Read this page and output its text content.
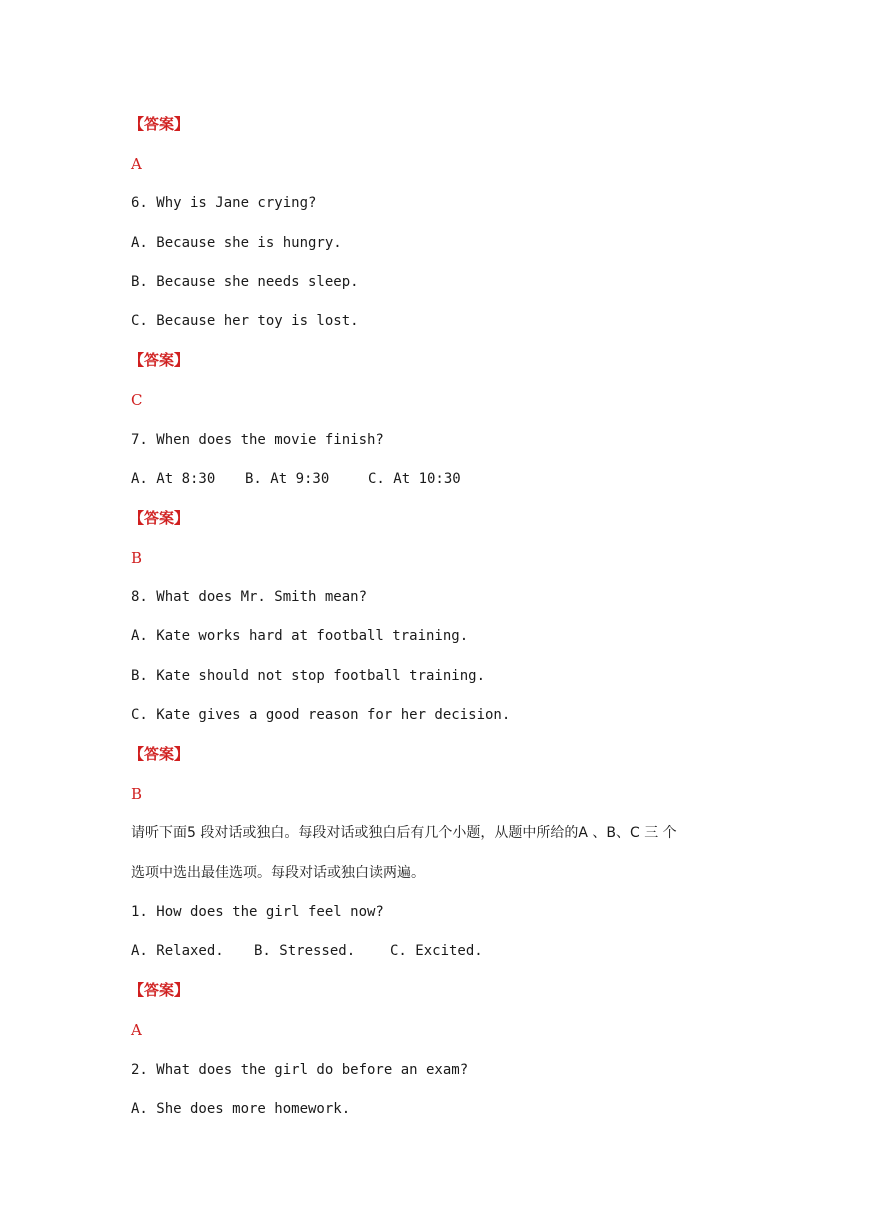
【答案】
A
6. Why is Jane crying?
A. Because she is hungry.
B. Because she needs sleep.
C. Because her toy is lost.
【答案】
C
7. When does the movie finish?
A. At 8:30	B. At 9:30	C. At 10:30
【答案】
B
8. What does Mr. Smith mean?
A. Kate works hard at football training.
B. Kate should not stop football training.
C. Kate gives a good reason for her decision.
【答案】
B
请听下面5 段对话或独白。每段对话或独白后有几个小题，从题中所给的A 、B、C 三 个
选项中选出最佳选项。每段对话或独白读两遍。
1. How does the girl feel now?
A. Relaxed.	B. Stressed.	C. Excited.
【答案】
A
2. What does the girl do before an exam?
A. She does more homework.
